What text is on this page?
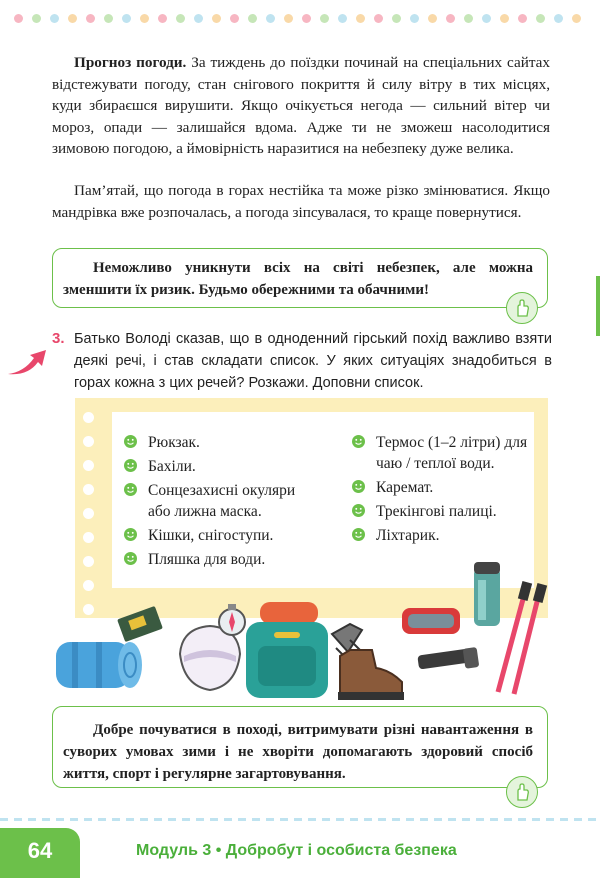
Прогноз погоди. За тиждень до поїздки починай на спеціальних сайтах відстежувати погоду, стан снігового покриття й силу вітру в тих місцях, куди збираєшся вирушити. Якщо очікується негода — сильний вітер чи мороз, опади — залишайся вдома. Адже ти не зможеш насолодитися зимовою погодою, а ймовірність наразитися на небезпеку дуже велика.

Пам’ятай, що погода в горах нестійка та може різко змінюватися. Якщо мандрівка вже розпочалась, а погода зіпсувалася, то краще повернутися.

Неможливо уникнути всіх на світі небезпек, але можна зменшити їх ризик. Будьмо обережними та обачними!

3. Батько Володі сказав, що в одноденний гірський похід важливо взяти деякі речі, і став складати список. У яких ситуаціях знадобиться в горах кожна з цих речей? Розкажи. Доповни список.

Рюкзак.
Бахіли.
Сонцезахисні окуляри або лижна маска.
Кішки, снігоступи.
Пляшка для води.
Термос (1–2 літри) для чаю / теплої води.
Каремат.
Трекінгові палиці.
Ліхтарик.

Добре почуватися в поході, витримувати різні навантаження в суворих умовах зими і не хворіти допомагають здоровий спосіб життя, спорт і регулярне загартовування.

64	Модуль 3 • Добробут і особиста безпека
